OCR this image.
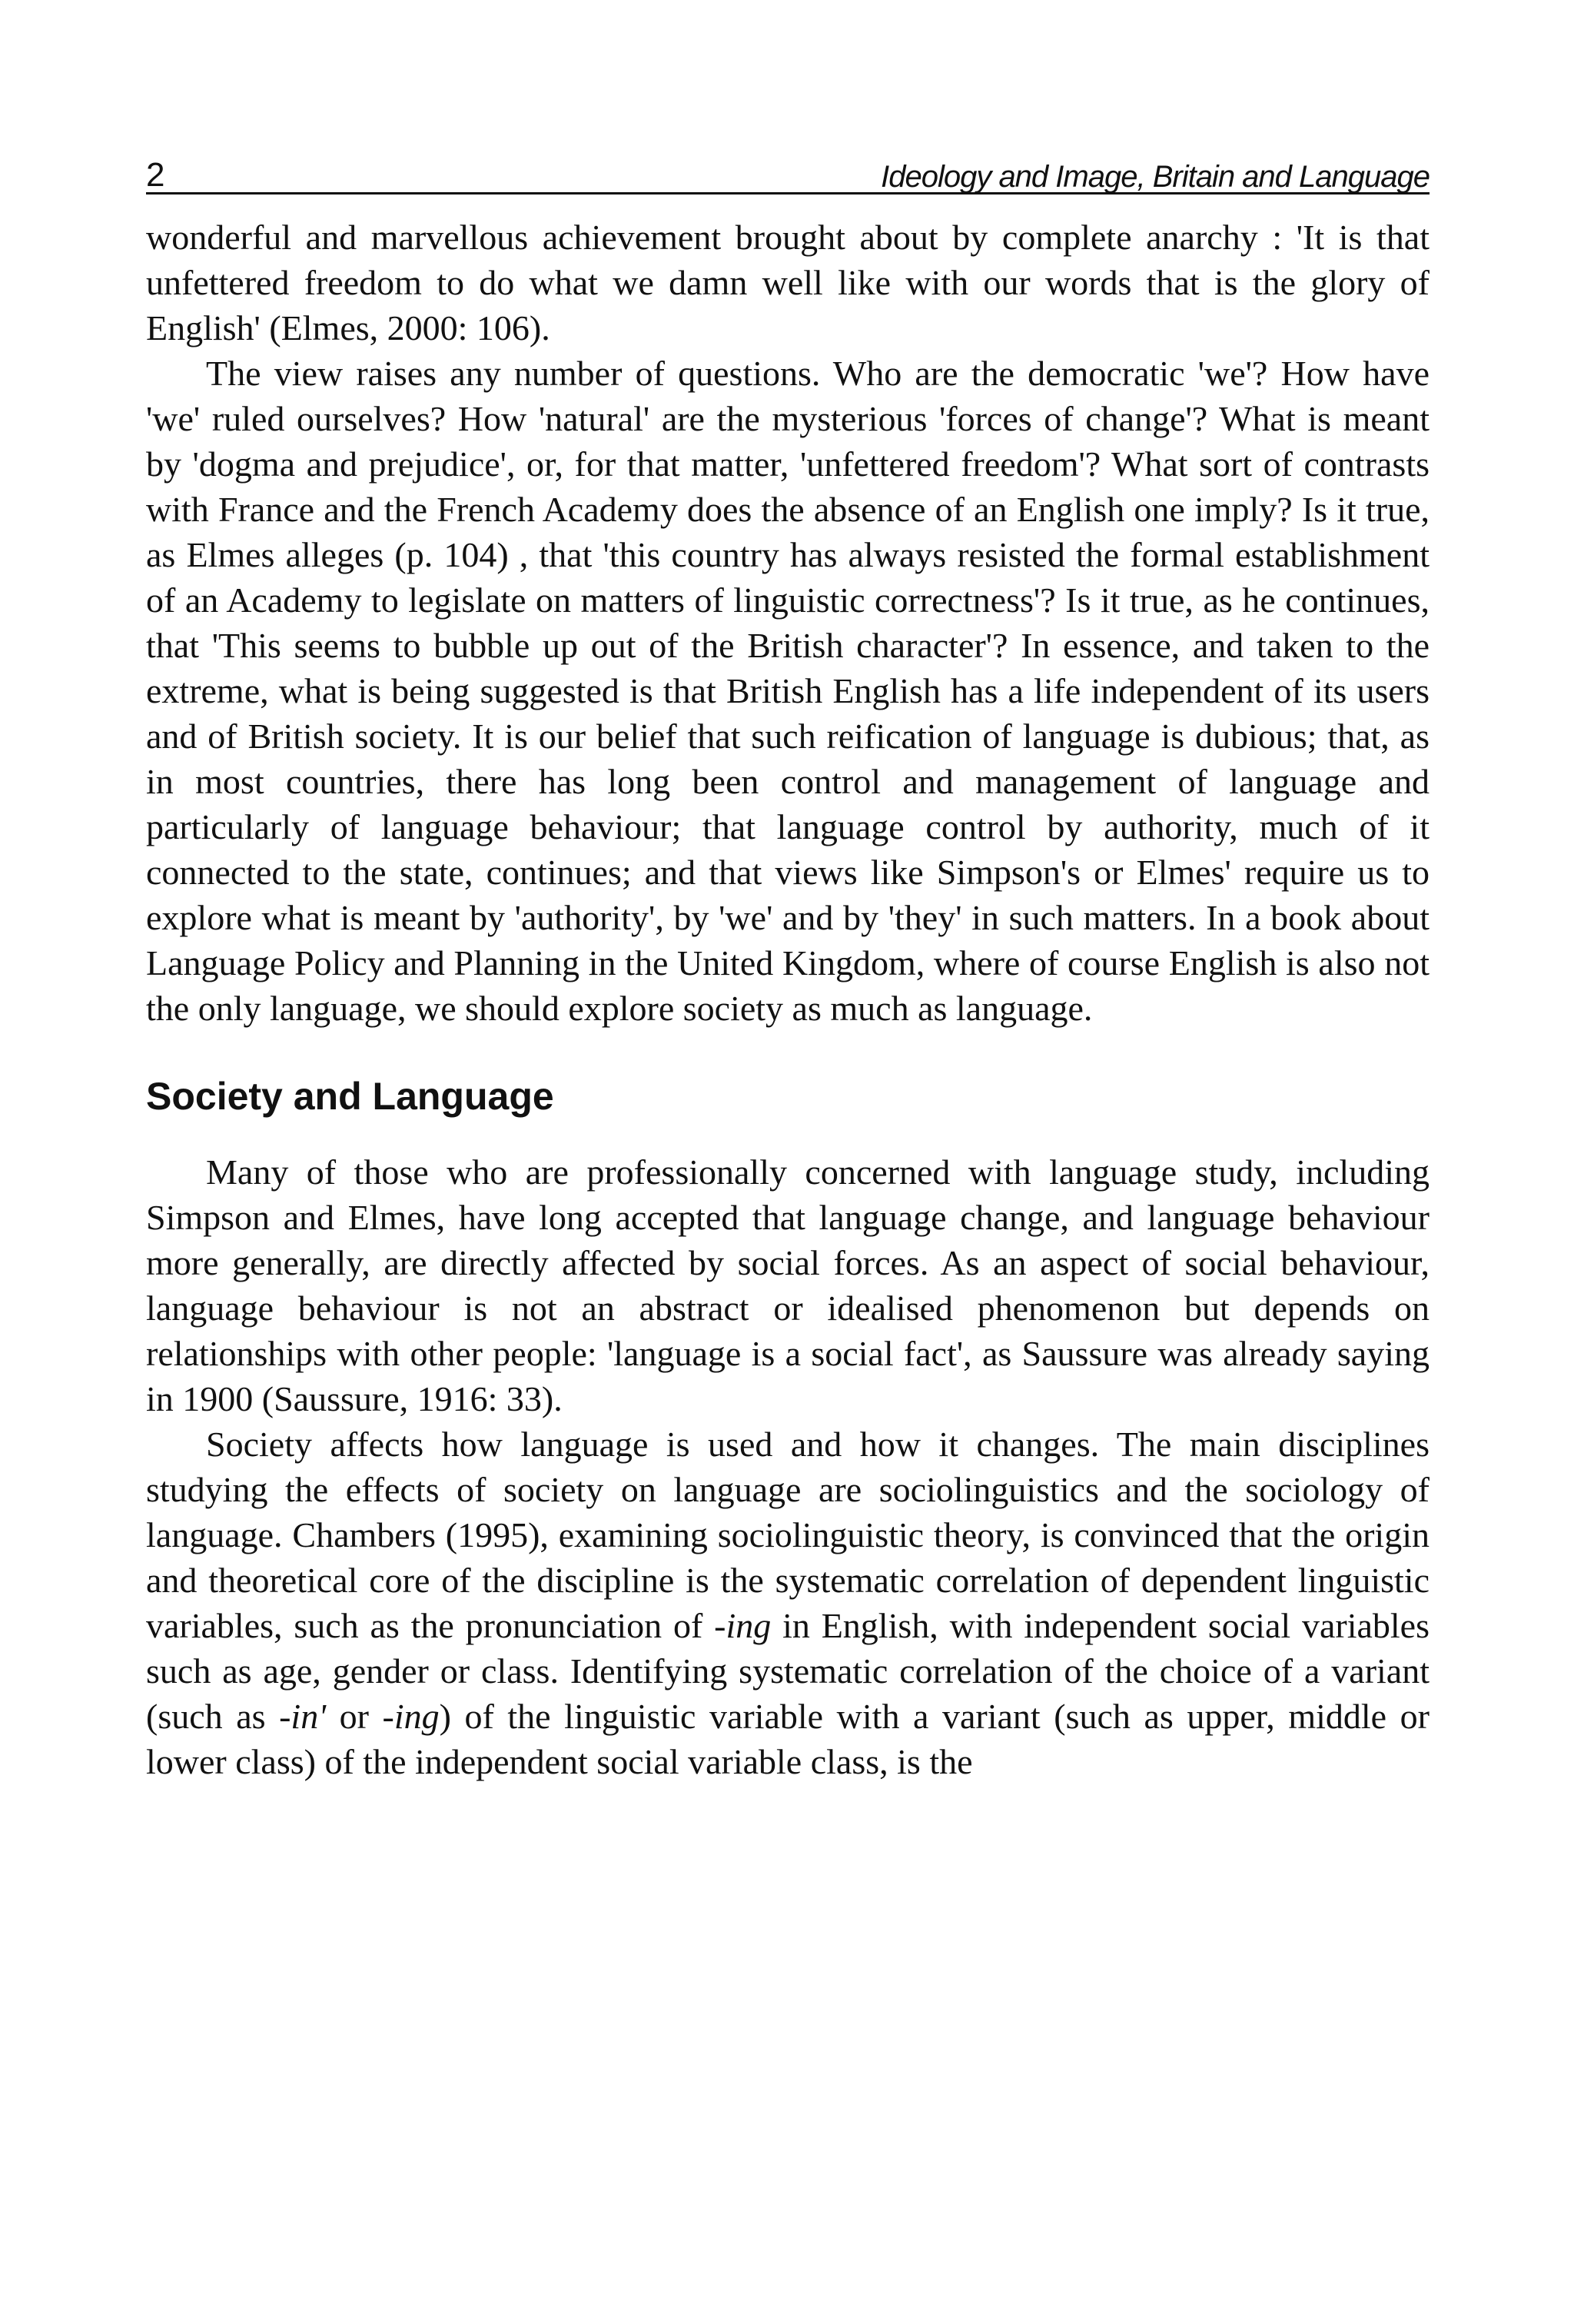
2	Ideology and Image, Britain and Language

wonderful and marvellous achievement brought about by complete anarchy : 'It is that unfettered freedom to do what we damn well like with our words that is the glory of English' (Elmes, 2000: 106).

The view raises any number of questions. Who are the democratic 'we'? How have 'we' ruled ourselves? How 'natural' are the mysterious 'forces of change'? What is meant by 'dogma and prejudice', or, for that matter, 'unfettered freedom'? What sort of contrasts with France and the French Academy does the absence of an English one imply? Is it true, as Elmes alleges (p. 104) , that 'this country has always resisted the formal establishment of an Academy to legislate on matters of linguistic correctness'? Is it true, as he continues, that 'This seems to bubble up out of the British character'? In essence, and taken to the extreme, what is being suggested is that British English has a life independent of its users and of British society. It is our belief that such reification of language is dubious; that, as in most countries, there has long been control and management of language and particularly of language behaviour; that language control by authority, much of it connected to the state, continues; and that views like Simpson's or Elmes' require us to explore what is meant by 'authority', by 'we' and by 'they' in such matters. In a book about Language Policy and Planning in the United Kingdom, where of course English is also not the only language, we should explore society as much as language.

Society and Language

Many of those who are professionally concerned with language study, including Simpson and Elmes, have long accepted that language change, and language behaviour more generally, are directly affected by social forces. As an aspect of social behaviour, language behaviour is not an abstract or idealised phenomenon but depends on relationships with other people: 'language is a social fact', as Saussure was already saying in 1900 (Saussure, 1916: 33).

Society affects how language is used and how it changes. The main disciplines studying the effects of society on language are sociolinguistics and the sociology of language. Chambers (1995), examining sociolinguistic theory, is convinced that the origin and theoretical core of the discipline is the systematic correlation of dependent linguistic variables, such as the pronunciation of -ing in English, with independent social variables such as age, gender or class. Identifying systematic correlation of the choice of a variant (such as -in' or -ing) of the linguistic variable with a variant (such as upper, middle or lower class) of the independent social variable class, is the
